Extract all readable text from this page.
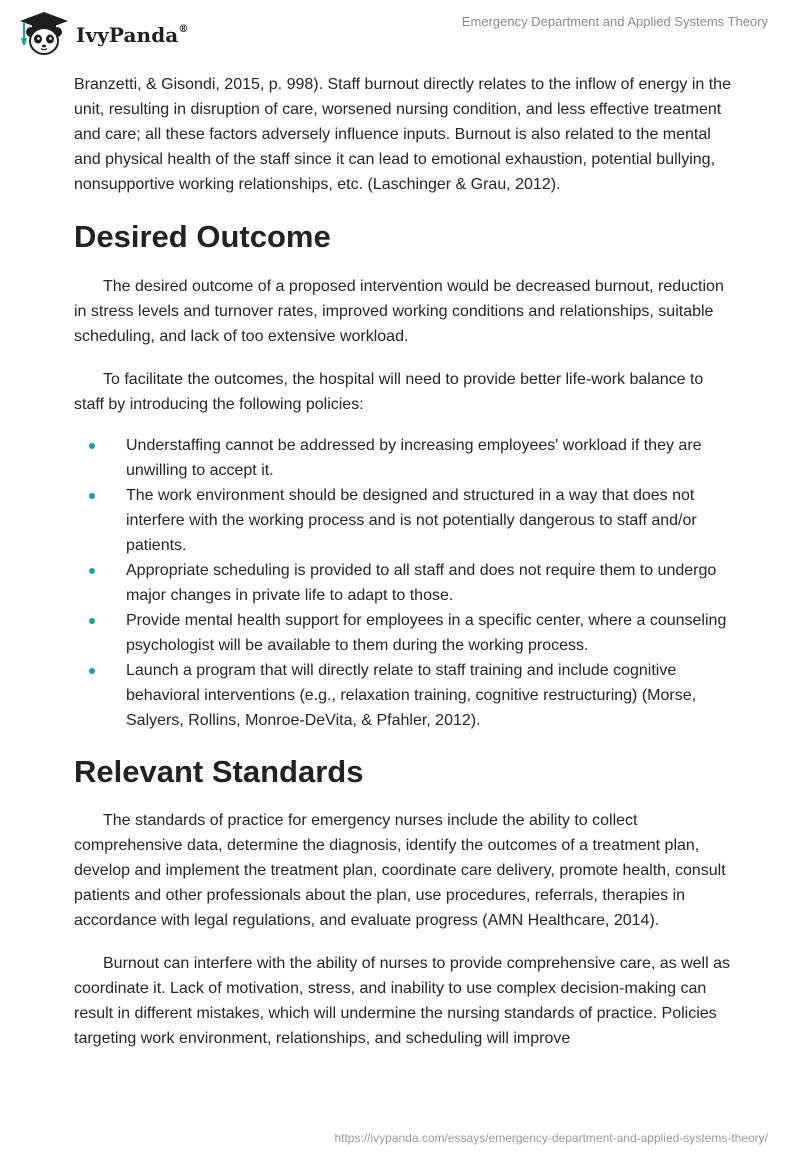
IvyPanda®
Emergency Department and Applied Systems Theory

Branzetti, & Gisondi, 2015, p. 998). Staff burnout directly relates to the inflow of energy in the unit, resulting in disruption of care, worsened nursing condition, and less effective treatment and care; all these factors adversely influence inputs. Burnout is also related to the mental and physical health of the staff since it can lead to emotional exhaustion, potential bullying, nonsupportive working relationships, etc. (Laschinger & Grau, 2012).

Desired Outcome

The desired outcome of a proposed intervention would be decreased burnout, reduction in stress levels and turnover rates, improved working conditions and relationships, suitable scheduling, and lack of too extensive workload.

To facilitate the outcomes, the hospital will need to provide better life-work balance to staff by introducing the following policies:

Understaffing cannot be addressed by increasing employees' workload if they are unwilling to accept it.
The work environment should be designed and structured in a way that does not interfere with the working process and is not potentially dangerous to staff and/or patients.
Appropriate scheduling is provided to all staff and does not require them to undergo major changes in private life to adapt to those.
Provide mental health support for employees in a specific center, where a counseling psychologist will be available to them during the working process.
Launch a program that will directly relate to staff training and include cognitive behavioral interventions (e.g., relaxation training, cognitive restructuring) (Morse, Salyers, Rollins, Monroe-DeVita, & Pfahler, 2012).
Relevant Standards

The standards of practice for emergency nurses include the ability to collect comprehensive data, determine the diagnosis, identify the outcomes of a treatment plan, develop and implement the treatment plan, coordinate care delivery, promote health, consult patients and other professionals about the plan, use procedures, referrals, therapies in accordance with legal regulations, and evaluate progress (AMN Healthcare, 2014).

Burnout can interfere with the ability of nurses to provide comprehensive care, as well as coordinate it. Lack of motivation, stress, and inability to use complex decision-making can result in different mistakes, which will undermine the nursing standards of practice. Policies targeting work environment, relationships, and scheduling will improve

https://ivypanda.com/essays/emergency-department-and-applied-systems-theory/
